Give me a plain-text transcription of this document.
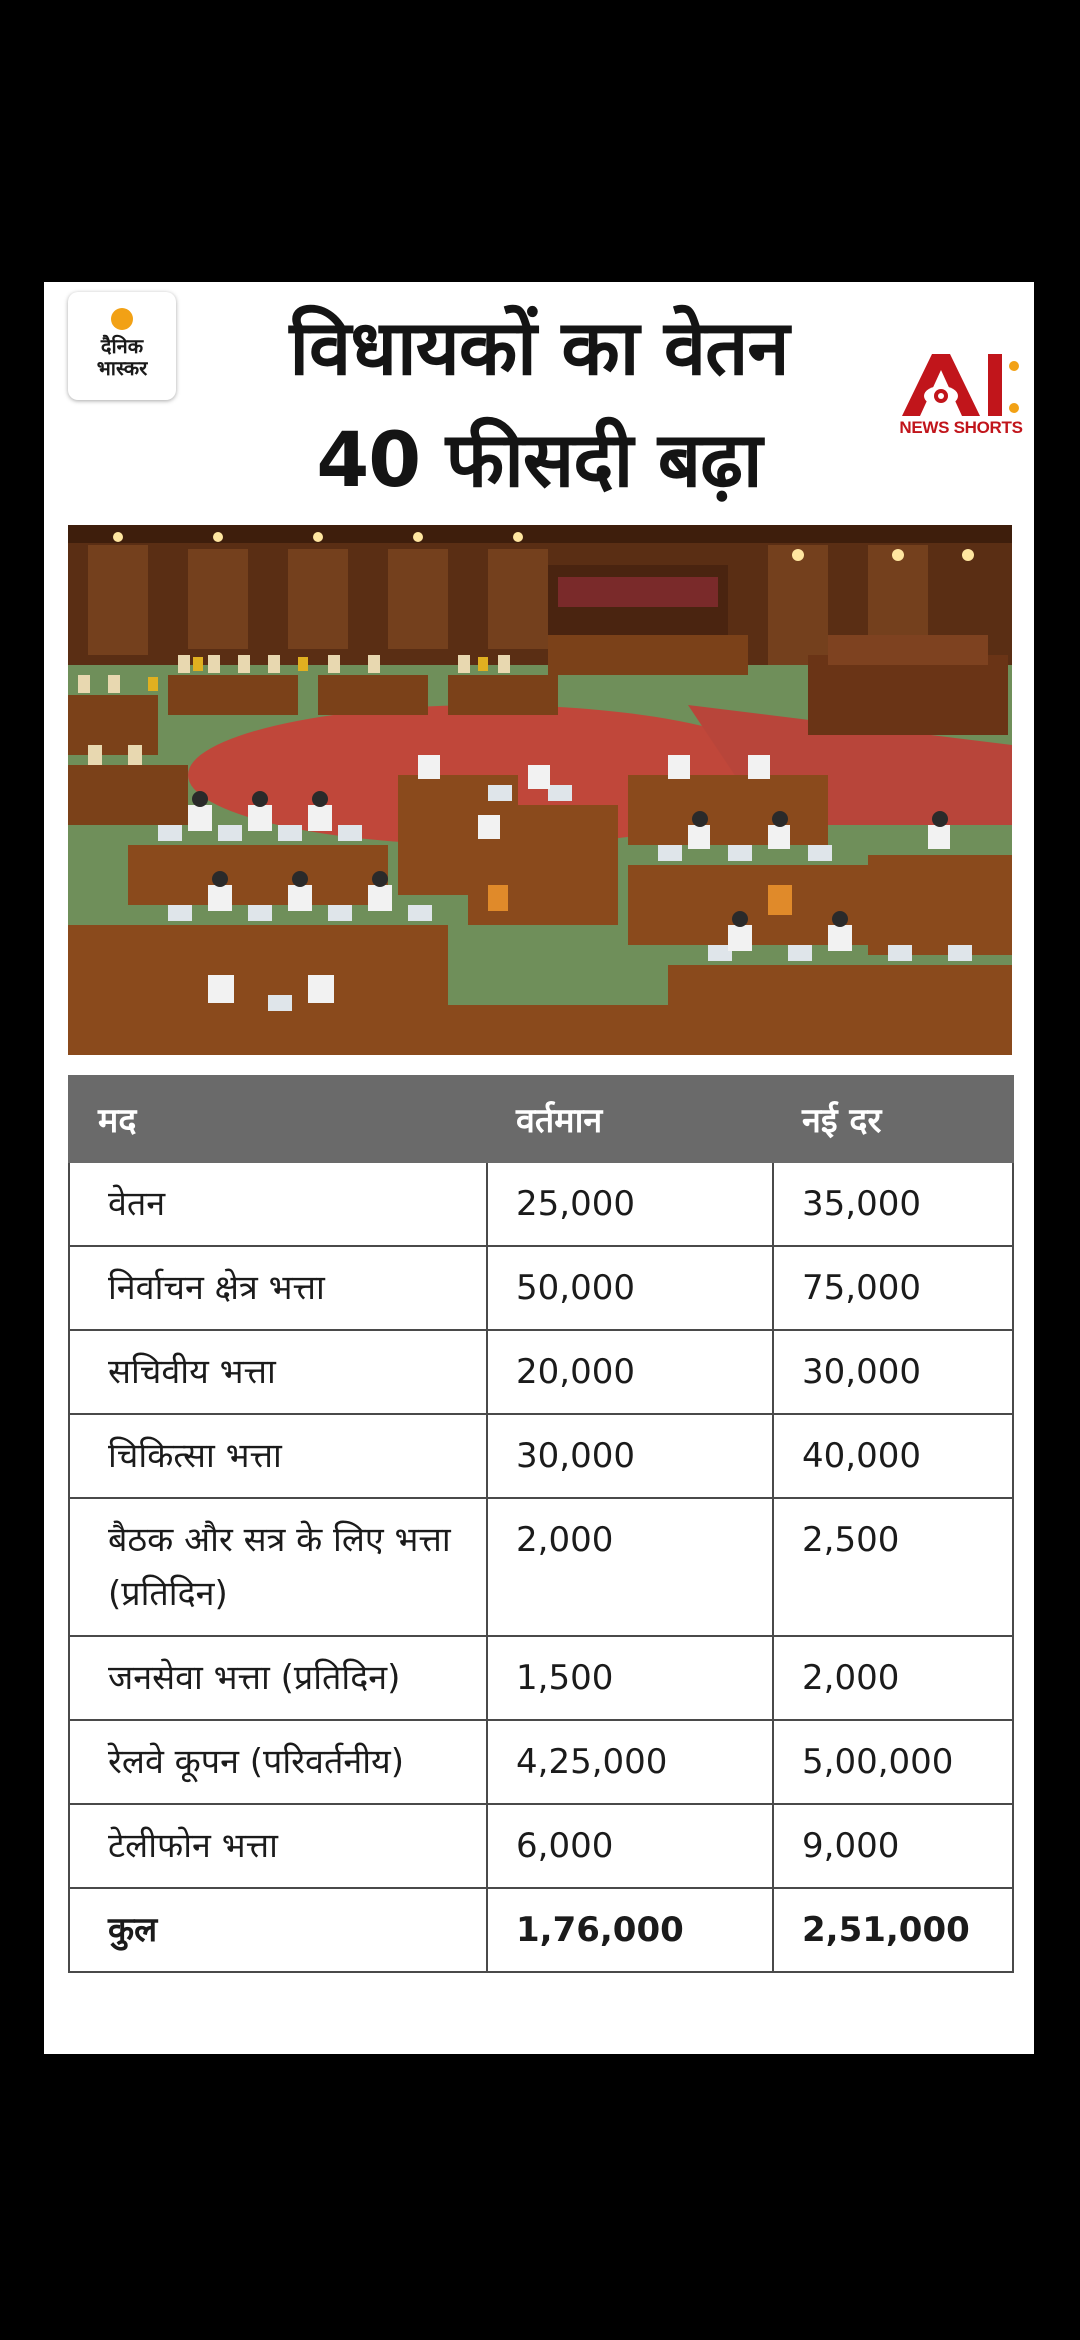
दैनिक
भास्कर	विधायकों का वेतन
40 फीसदी बढ़ा	NEWS SHORTS
मद	वर्तमान	नई दर
वेतन	25,000	35,000
निर्वाचन क्षेत्र भत्ता	50,000	75,000
सचिवीय भत्ता	20,000	30,000
चिकित्सा भत्ता	30,000	40,000
बैठक और सत्र के लिए भत्ता (प्रतिदिन)	2,000	2,500
जनसेवा भत्ता (प्रतिदिन)	1,500	2,000
रेलवे कूपन (परिवर्तनीय)	4,25,000	5,00,000
टेलीफोन भत्ता	6,000	9,000
कुल	1,76,000	2,51,000
